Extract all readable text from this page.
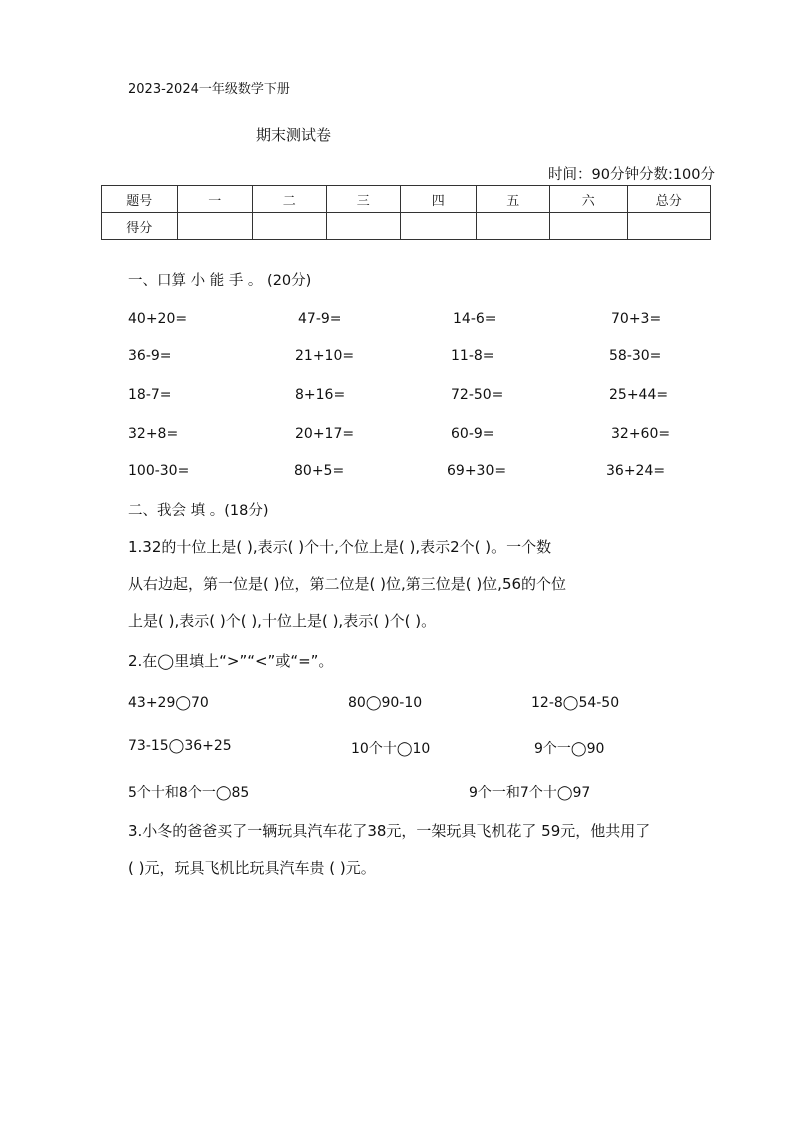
2023-2024一年级数学下册
期末测试卷
时间：90分钟分数:100分
题号	一	二	三	四	五	六	总分
得分							
一、口算 小 能 手 。 (20分)
40+20=	47-9=	14-6=	70+3=
36-9=	21+10=	11-8=	58-30=
18-7=	8+16=	72-50=	25+44=
32+8=	20+17=	60-9=	32+60=
100-30=	80+5=	69+30=	36+24=
二、我会 填 。(18分)
1.32的十位上是( ),表示( )个十,个位上是( ),表示2个( )。一个数
从右边起，第一位是( )位，第二位是( )位,第三位是( )位,56的个位
上是( ),表示( )个( ),十位上是( ),表示( )个( )。
2.在◯里填上“>”“<”或“=”。
43+29◯70	80◯90-10	12-8◯54-50
73-15◯36+25	10个十◯10	9个一◯90
5个十和8个一◯85	9个一和7个十◯97
3.小冬的爸爸买了一辆玩具汽车花了38元，一架玩具飞机花了 59元，他共用了
( )元，玩具飞机比玩具汽车贵 ( )元。
